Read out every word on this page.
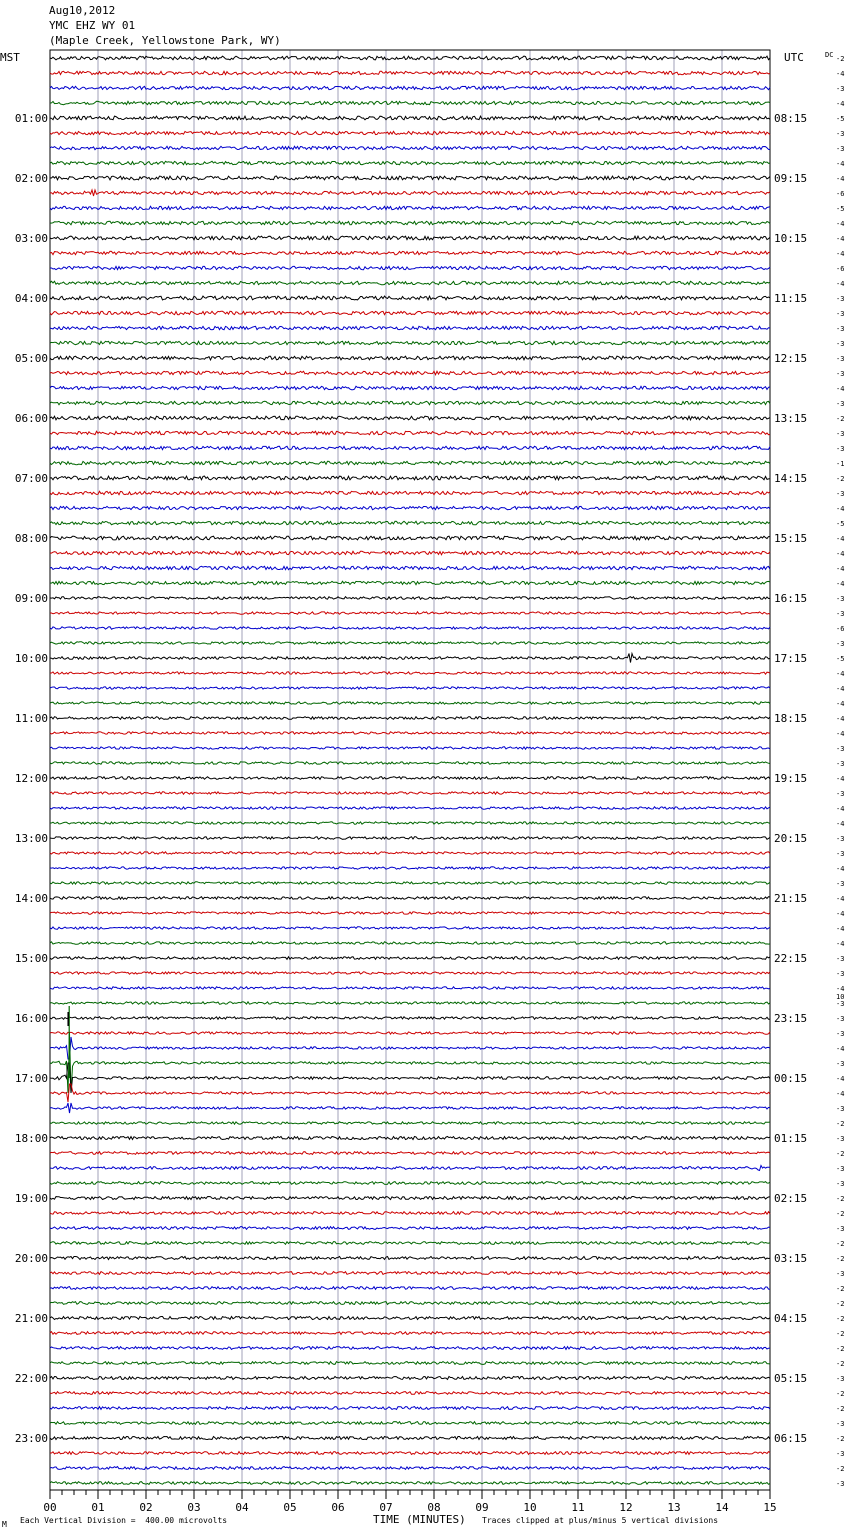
Aug10,2012
YMC EHZ WY 01
(Maple Creek, Yellowstone Park, WY)
MST	UTC	DC
01:00
02:00
03:00
04:00
05:00
06:00
07:00
08:00
09:00
10:00
11:00
12:00
13:00
14:00
15:00
16:00
17:00
18:00
19:00
20:00
21:00
22:00
23:00
08:15
09:15
10:15
11:15
12:15
13:15
14:15
15:15
16:15
17:15
18:15
19:15
20:15
21:15
22:15
23:15
00:15
01:15
02:15
03:15
04:15
05:15
06:15
-2
-4
-3
-4
-5
-3
-3
-4
-4
-6
-5
-4
-4
-4
-6
-4
-3
-3
-3
-3
-3
-3
-4
-3
-2
-3
-3
-1
-2
-3
-4
-5
-4
-4
-4
-4
-3
-3
-6
-3
-5
-4
-4
-4
-4
-4
-3
-3
-4
-3
-4
-4
-3
-3
-4
-3
-4
-4
-4
-4
-3
-3
-4
-3
-3
-3
-4
-3
-4
-4
-3
-2
-3
-2
-3
-3
-2
-2
-3
-2
-2
-3
-2
-2
-2
-2
-2
-2
-3
-2
-2
-3
-2
-3
-2
-3
10
00	01	02	03	04	05	06	07	08	09	10	11	12	13	14	15
M Each Vertical Division =  400.00 microvolts	TIME (MINUTES) Traces clipped at plus/minus 5 vertical divisions
